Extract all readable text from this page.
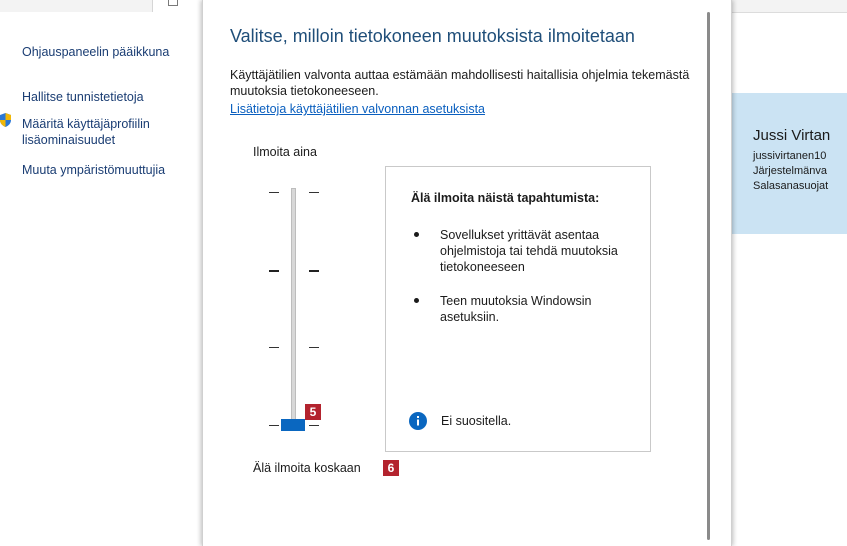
Ohjauspaneelin pääikkuna
Hallitse tunnistetietoja
Määritä käyttäjäprofiilin lisäominaisuudet
Muuta ympäristömuuttujia
Jussi Virtan
jussivirtanen10
Järjestelmänva
Salasanasuojat
Valitse, milloin tietokoneen muutoksista ilmoitetaan
Käyttäjätilien valvonta auttaa estämään mahdollisesti haitallisia ohjelmia tekemästä muutoksia tietokoneeseen.
Lisätietoja käyttäjätilien valvonnan asetuksista
Ilmoita aina
5
Älä ilmoita koskaan	6
Älä ilmoita näistä tapahtumista:
Sovellukset yrittävät asentaa ohjelmistoja tai tehdä muutoksia tietokoneeseen
Teen muutoksia Windowsin asetuksiin.
Ei suositella.
